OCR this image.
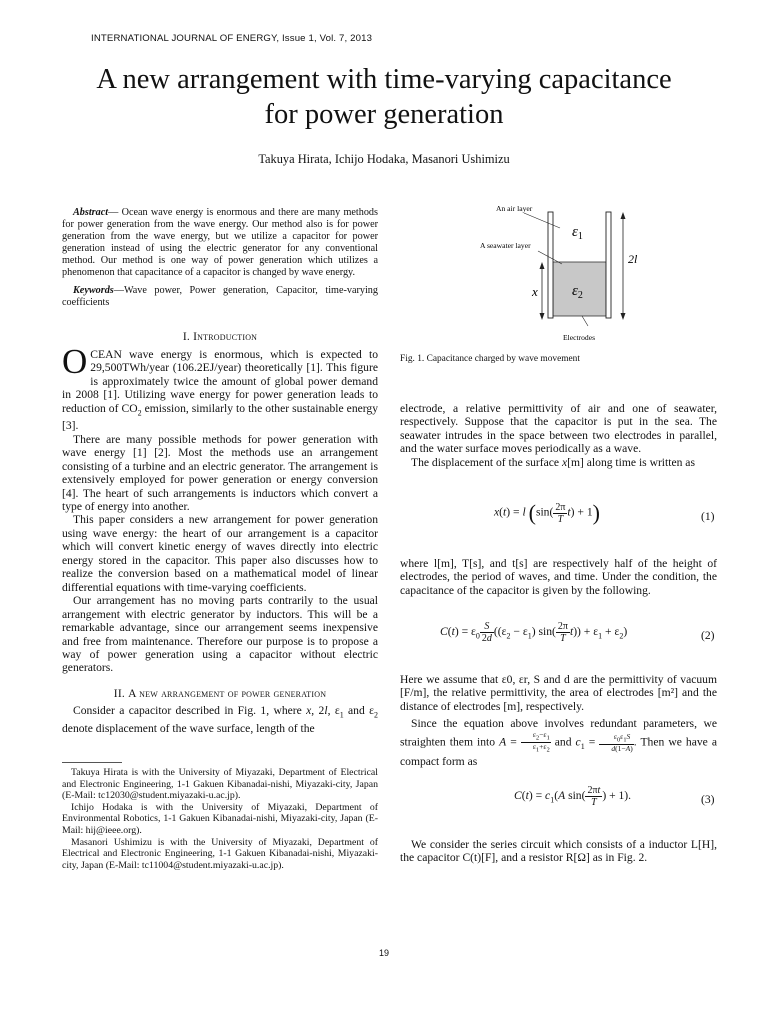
INTERNATIONAL JOURNAL OF ENERGY, Issue 1, Vol. 7, 2013
A new arrangement with time-varying capacitance
for power generation
Takuya Hirata, Ichijo Hodaka, Masanori Ushimizu

Abstract— Ocean wave energy is enormous and there are many methods for power generation from the wave energy. Our method also is for power generation from the wave energy, but we utilize a capacitor for power generation instead of using the electric generator for any conventional method. Our method is one way of power generation which utilizes a phenomenon that capacitance of a capacitor is changed by wave energy.

Keywords—Wave power, Power generation, Capacitor, time-varying coefficients

I. Introduction

OCEAN wave energy is enormous, which is expected to 29,500TWh/year (106.2EJ/year) theoretically [1]. This figure is approximately twice the amount of global power demand in 2008 [1]. Utilizing wave energy for power generation leads to reduction of $CO_2$ emission, similarly to the other sustainable energy [3].

There are many possible methods for power generation with wave energy [1] [2]. Most the methods use an arrangement consisting of a turbine and an electric generator. The arrangement is extensively employed for power generation or energy conversion [4]. The heart of such arrangements is inductors which convert a type of energy into another.

This paper considers a new arrangement for power generation using wave energy: the heart of our arrangement is a capacitor which will convert kinetic energy of waves directly into electric energy stored in the capacitor. This paper also discusses how to realize the conversion based on a mathematical model of linear differential equations with time-varying coefficients.

Our arrangement has no moving parts contrarily to the usual arrangement with electric generator by inductors. This will be a remarkable advantage, since our arrangement seems inexpensive and free from maintenance. Therefore our purpose is to propose a way of power generation using a capacitor without electric generators.

II. A new arrangement of power generation

Consider a capacitor described in Fig. 1, where x, 2l, $\varepsilon_1$ and $\varepsilon_2$ denote displacement of the wave surface, length of the

Takuya Hirata is with the University of Miyazaki, Department of Electrical and Electronic Engineering, 1-1 Gakuen Kibanadai-nishi, Miyazaki-city, Japan (E-Mail: tc12030@student.miyazaki-u.ac.jp).

Ichijo Hodaka is with the University of Miyazaki, Department of Environmental Robotics, 1-1 Gakuen Kibanadai-nishi, Miyazaki-city, Japan (E-Mail: hij@ieee.org).

Masanori Ushimizu is with the University of Miyazaki, Department of Electrical and Electronic Engineering, 1-1 Gakuen Kibanadai-nishi, Miyazaki-city, Japan (E-Mail: tc11004@student.miyazaki-u.ac.jp).

An air layer
A seawater layer
$\varepsilon_1$
$\varepsilon_2$
x
2l
Electrodes
Fig. 1. Capacitance charged by wave movement

electrode, a relative permittivity of air and one of seawater, respectively. Suppose that the capacitor is put in the sea. The seawater intrudes in the space between two electrodes in parallel, and the water surface moves periodically as a wave.

The displacement of the surface x[m] along time is written as

x(t) = l $(\sin( \frac{2\pi}{T} t) + 1)$	(1)

where l[m], T[s], and t[s] are respectively half of the height of electrodes, the period of waves, and time. Under the condition, the capacitance of the capacitor is given by the following.

$C(t) = \varepsilon_0 \frac{S}{2d} ((\varepsilon_2 - \varepsilon_1)$ $\sin( \frac{2\pi}{T} t)) + \varepsilon_1 + \varepsilon_2$)	(2)

Here we assume that ε0, εr, S and d are the permittivity of vacuum [F/m], the relative permittivity, the area of electrodes [m²] and the distance of electrodes [m], respectively.

Since the equation above involves redundant parameters, we straighten them into $A = \frac{\varepsilon_2-\varepsilon_1}{\varepsilon_1+\varepsilon_2}$ and $c_1 = \frac{\varepsilon_0\varepsilon_1S}{d(1-A)}$ . Then we have a compact form as

$C(t) = c_1(A$ $\sin( \frac{2\pi t}{T}$ ) + 1).	(3)

We consider the series circuit which consists of a inductor L[H], the capacitor C(t)[F], and a resistor R[Ω] as in Fig. 2.

19
